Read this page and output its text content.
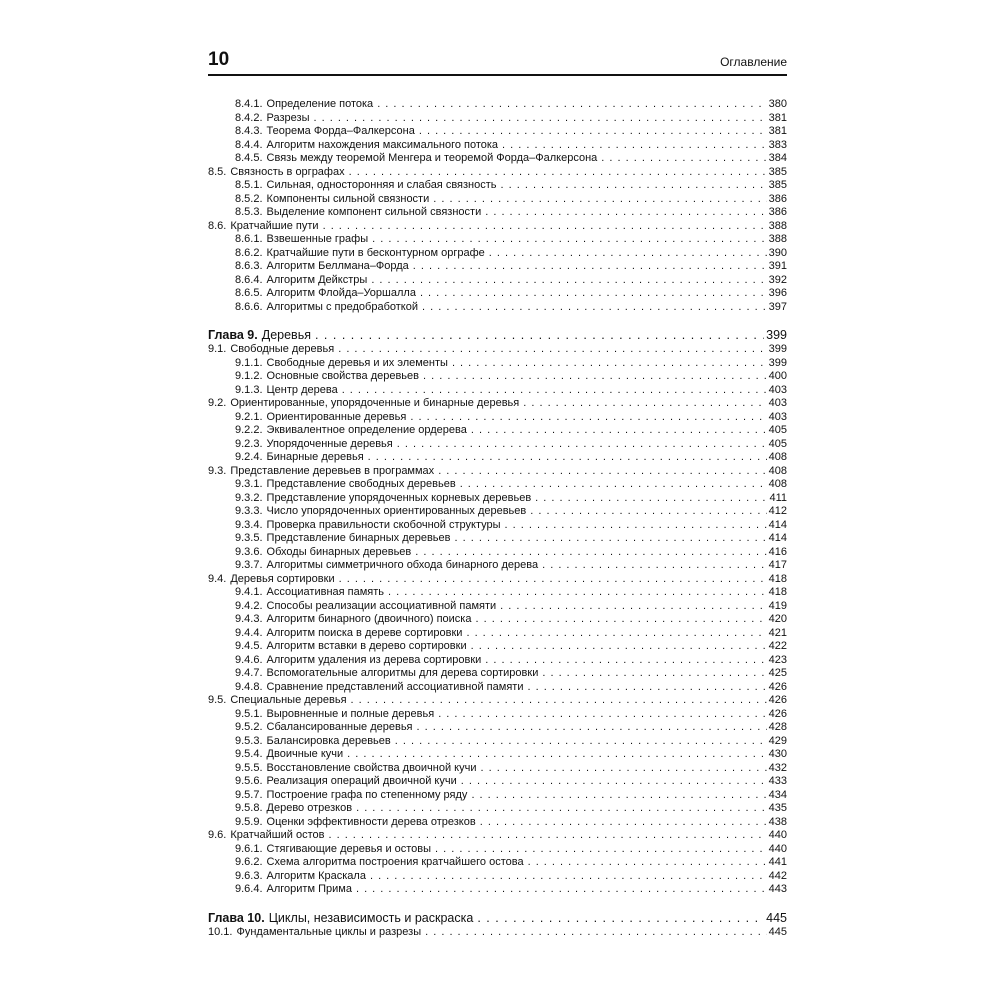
10	Оглавление
8.4.1. Определение потока . . .	380
8.4.2. Разрезы . . .	381
8.4.3. Теорема Форда–Фалкерсона . . .	381
8.4.4. Алгоритм нахождения максимального потока . . .	383
8.4.5. Связь между теоремой Менгера и теоремой Форда–Фалкерсона . . .	384
8.5. Связность в орграфах . . .	385
8.5.1. Сильная, односторонняя и слабая связность . . .	385
8.5.2. Компоненты сильной связности . . .	386
8.5.3. Выделение компонент сильной связности . . .	386
8.6. Кратчайшие пути . . .	388
8.6.1. Взвешенные графы . . .	388
8.6.2. Кратчайшие пути в бесконтурном орграфе . . .	390
8.6.3. Алгоритм Беллмана–Форда . . .	391
8.6.4. Алгоритм Дейкстры . . .	392
8.6.5. Алгоритм Флойда–Уоршалла . . .	396
8.6.6. Алгоритмы с предобработкой . . .	397
Глава 9. Деревья . . .	399
9.1. Свободные деревья . . .	399
9.1.1. Свободные деревья и их элементы . . .	399
9.1.2. Основные свойства деревьев . . .	400
9.1.3. Центр дерева . . .	403
9.2. Ориентированные, упорядоченные и бинарные деревья . . .	403
9.2.1. Ориентированные деревья . . .	403
9.2.2. Эквивалентное определение ордерева . . .	405
9.2.3. Упорядоченные деревья . . .	405
9.2.4. Бинарные деревья . . .	408
9.3. Представление деревьев в программах . . .	408
9.3.1. Представление свободных деревьев . . .	408
9.3.2. Представление упорядоченных корневых деревьев . . .	411
9.3.3. Число упорядоченных ориентированных деревьев . . .	412
9.3.4. Проверка правильности скобочной структуры . . .	414
9.3.5. Представление бинарных деревьев . . .	414
9.3.6. Обходы бинарных деревьев . . .	416
9.3.7. Алгоритмы симметричного обхода бинарного дерева . . .	417
9.4. Деревья сортировки . . .	418
9.4.1. Ассоциативная память . . .	418
9.4.2. Способы реализации ассоциативной памяти . . .	419
9.4.3. Алгоритм бинарного (двоичного) поиска . . .	420
9.4.4. Алгоритм поиска в дереве сортировки . . .	421
9.4.5. Алгоритм вставки в дерево сортировки . . .	422
9.4.6. Алгоритм удаления из дерева сортировки . . .	423
9.4.7. Вспомогательные алгоритмы для дерева сортировки . . .	425
9.4.8. Сравнение представлений ассоциативной памяти . . .	426
9.5. Специальные деревья . . .	426
9.5.1. Выровненные и полные деревья . . .	426
9.5.2. Сбалансированные деревья . . .	428
9.5.3. Балансировка деревьев . . .	429
9.5.4. Двоичные кучи . . .	430
9.5.5. Восстановление свойства двоичной кучи . . .	432
9.5.6. Реализация операций двоичной кучи . . .	433
9.5.7. Построение графа по степенному ряду . . .	434
9.5.8. Дерево отрезков . . .	435
9.5.9. Оценки эффективности дерева отрезков . . .	438
9.6. Кратчайший остов . . .	440
9.6.1. Стягивающие деревья и остовы . . .	440
9.6.2. Схема алгоритма построения кратчайшего остова . . .	441
9.6.3. Алгоритм Краскала . . .	442
9.6.4. Алгоритм Прима . . .	443
Глава 10. Циклы, независимость и раскраска . . .	445
10.1. Фундаментальные циклы и разрезы . . .	445
